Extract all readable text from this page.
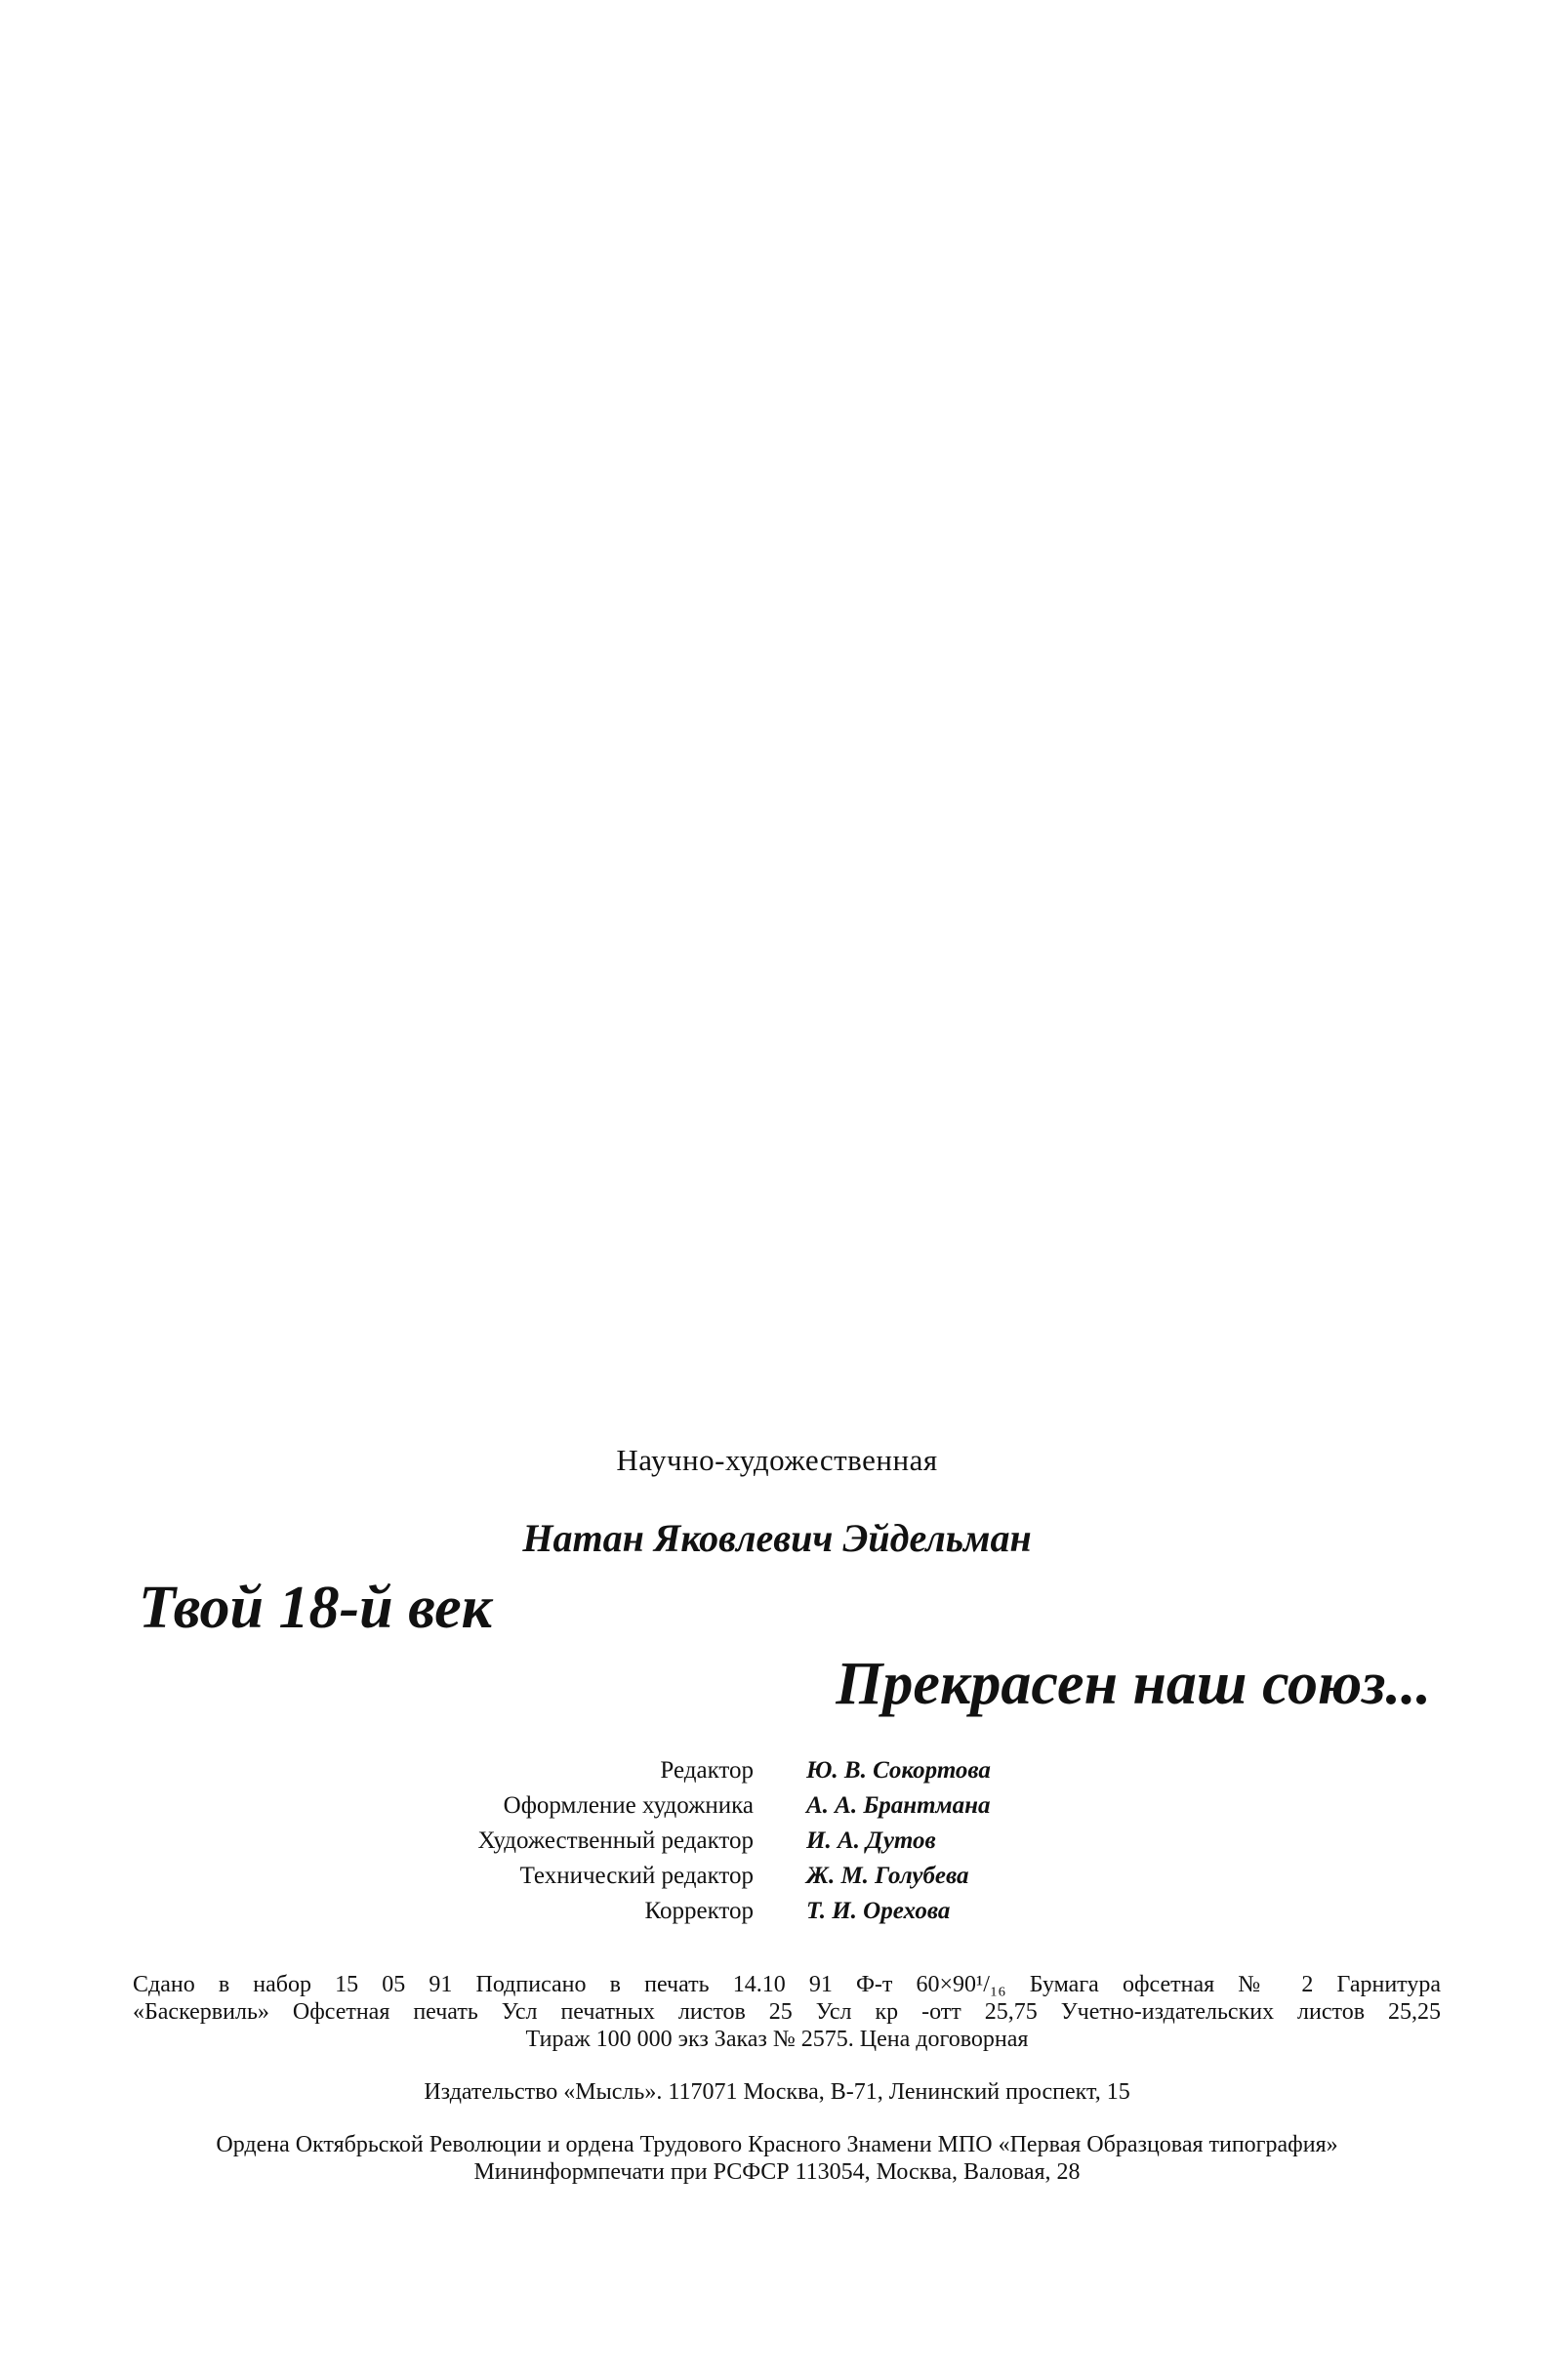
Научно-художественная
Натан Яковлевич Эйдельман
Твой 18-й век
Прекрасен наш союз...
Редактор Ю. В. Сокортова
Оформление художника А. А. Брантмана
Художественный редактор И. А. Дутов
Технический редактор Ж. М. Голубева
Корректор Т. И. Орехова
Сдано в набор 15 05 91 Подписано в печать 14.10 91 Ф-т 60×90¹/₁₆ Бумага офсетная № 2 Гарнитура
«Баскервиль» Офсетная печать Усл печатных листов 25 Усл кр -отт 25,75 Учетно-издательских листов 25,25
Тираж 100 000 экз Заказ № 2575. Цена договорная
Издательство «Мысль». 117071 Москва, В-71, Ленинский проспект, 15
Ордена Октябрьской Революции и ордена Трудового Красного Знамени МПО «Первая Образцовая типография»
Мининформпечати при РСФСР 113054, Москва, Валовая, 28
